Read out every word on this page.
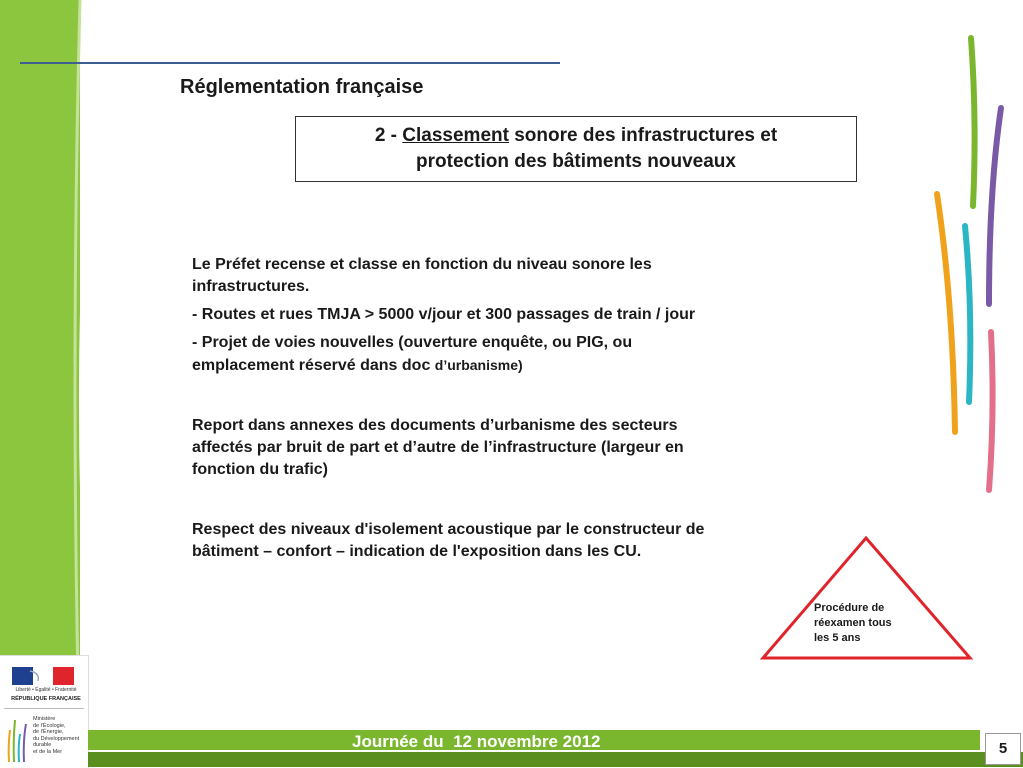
Réglementation française
2 - Classement sonore des infrastructures et
protection des bâtiments nouveaux

Le Préfet recense et classe en fonction du niveau sonore les
infrastructures.

- Routes et rues TMJA > 5000 v/jour et 300 passages de train / jour

- Projet de voies nouvelles (ouverture enquête, ou PIG, ou
emplacement réservé dans doc d’urbanisme)

Report dans annexes des documents d’urbanisme des secteurs
affectés par bruit de part et d’autre de l’infrastructure (largeur en
fonction du trafic)

Respect des niveaux d'isolement acoustique par le constructeur de
bâtiment – confort – indication de l'exposition dans les CU.

Procédure de
réexamen tous
les 5 ans
Liberté • Égalité • Fraternité
RÉPUBLIQUE FRANÇAISE
Ministère
de l'Écologie,
de l'Énergie,
du Développement
durable
et de la Mer
Journée du  12 novembre 2012	5
